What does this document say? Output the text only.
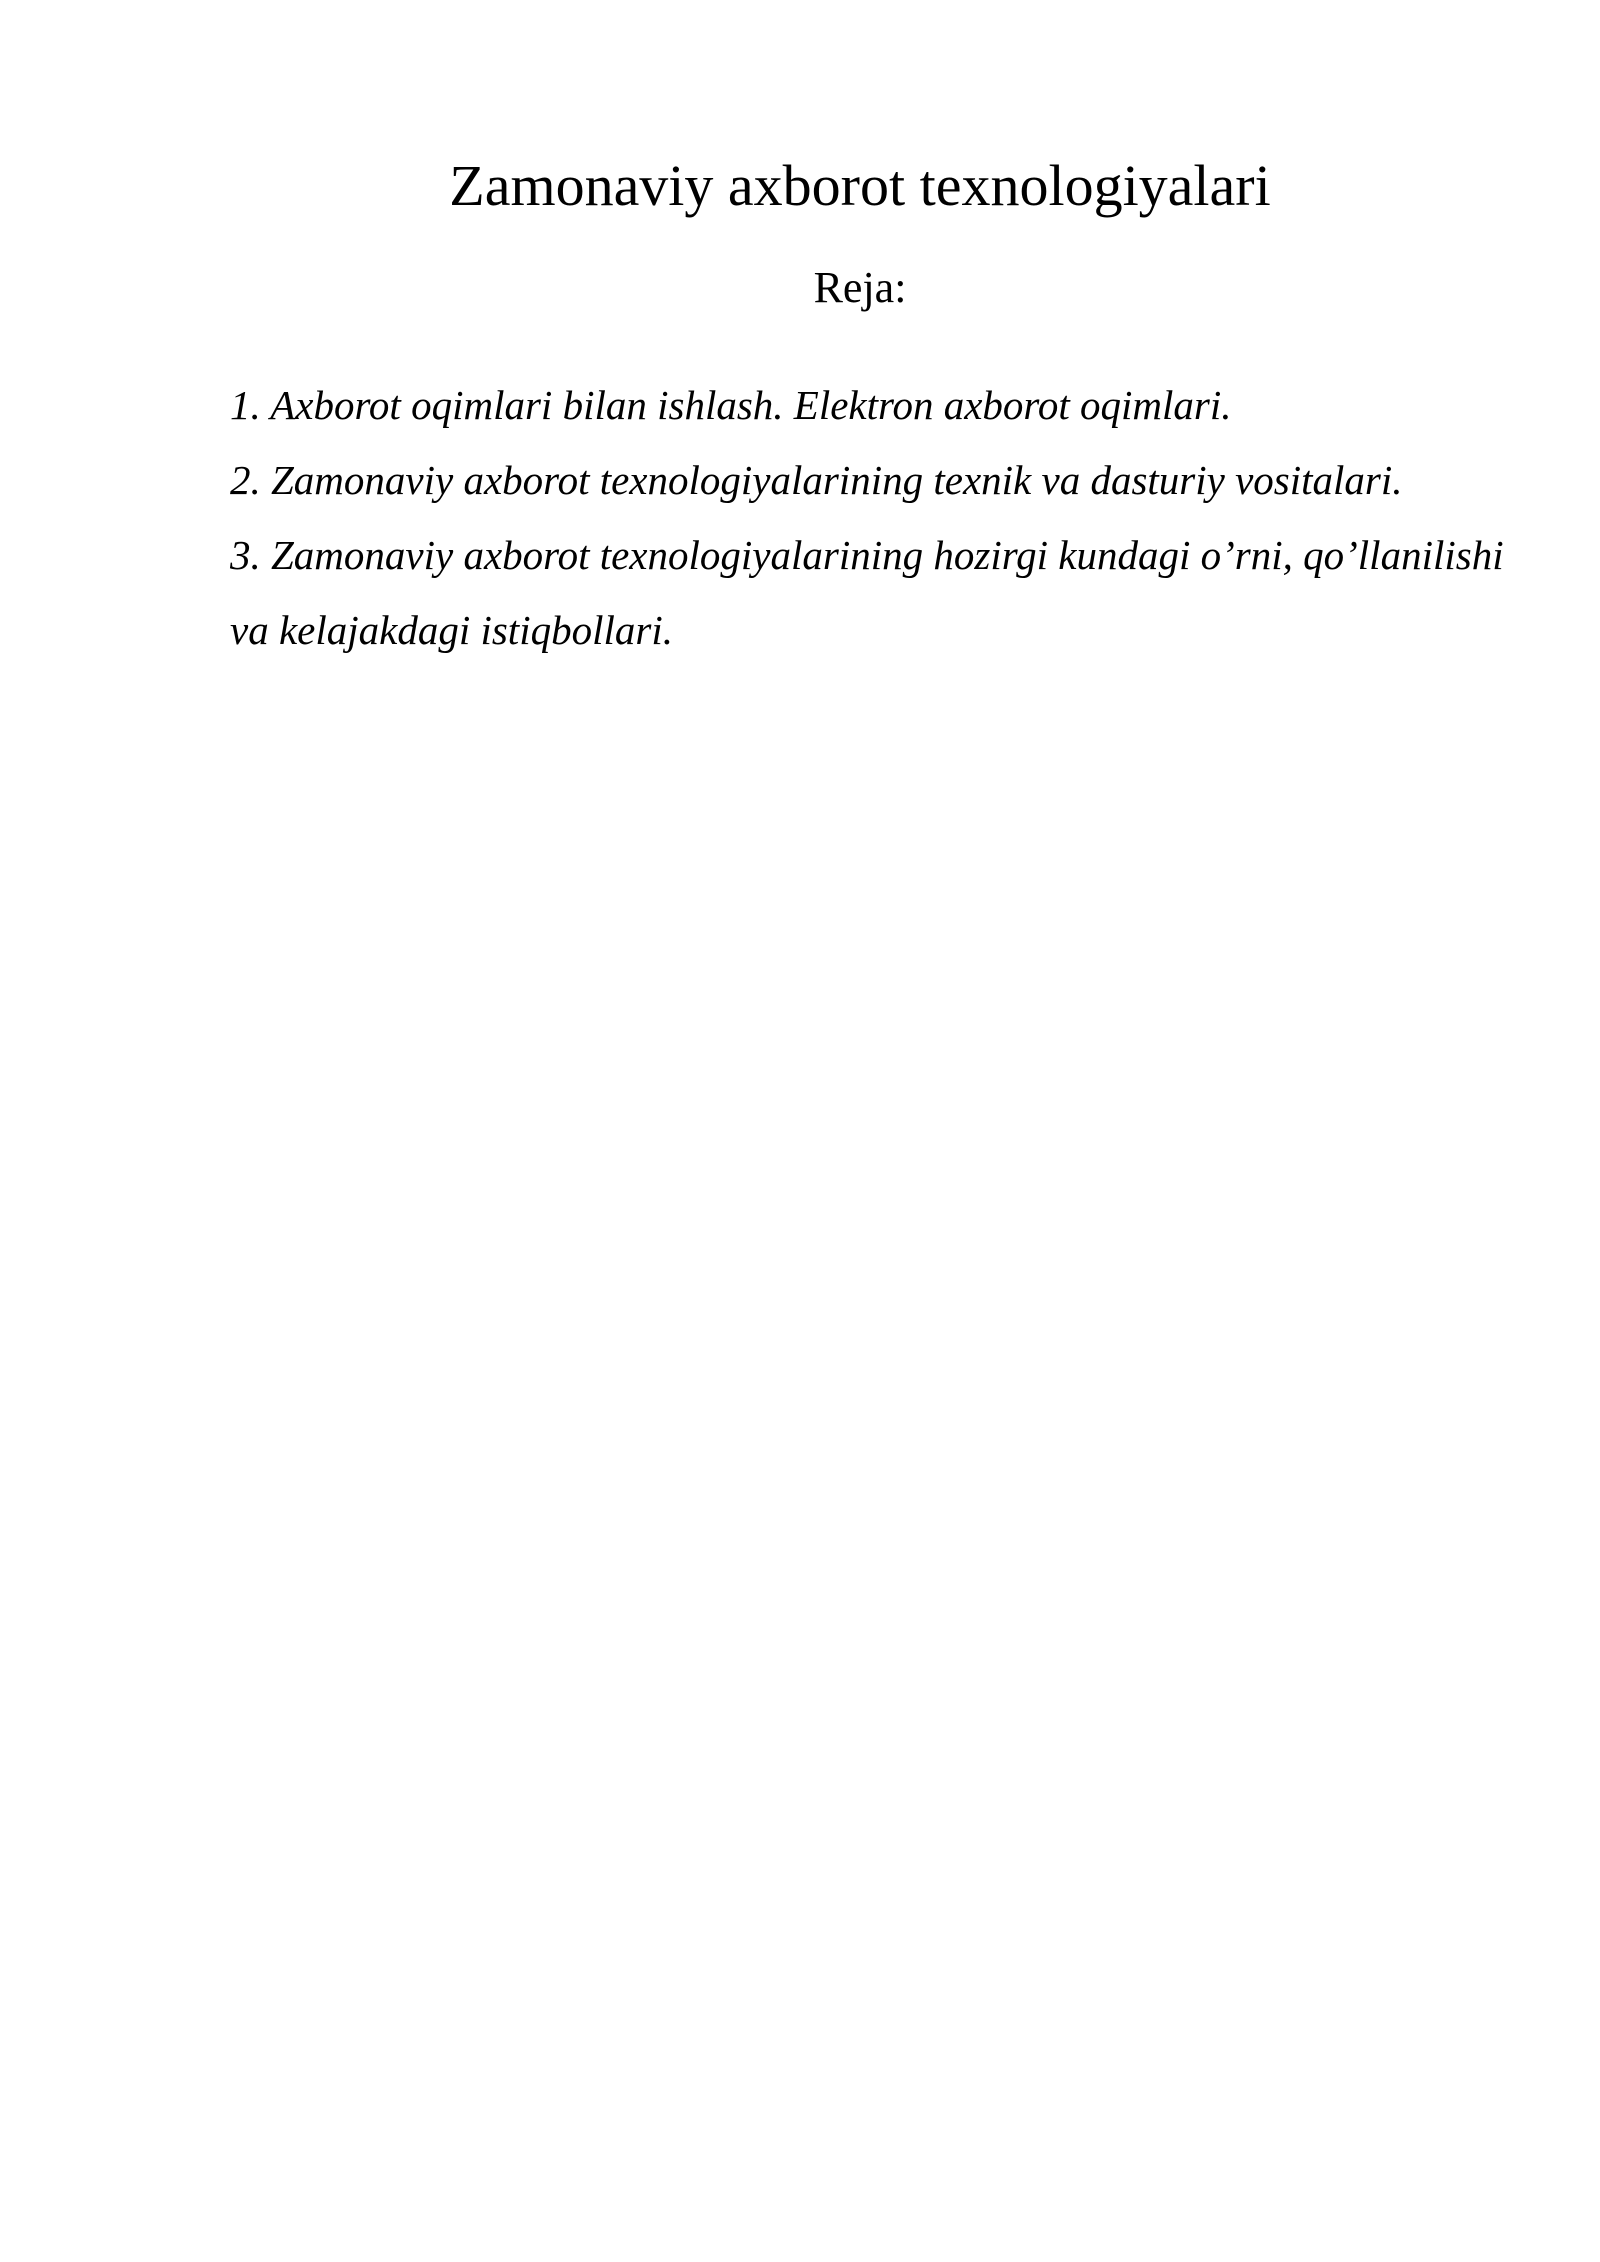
Zamonaviy axborot texnologiyalari
Reja:
1. Axborot oqimlari bilan ishlash. Elektron axborot oqimlari.
2. Zamonaviy axborot texnologiyalarining texnik va dasturiy vositalari.
3. Zamonaviy axborot texnologiyalarining hozirgi kundagi o’rni, qo’llanilishi va kelajakdagi istiqbollari.
